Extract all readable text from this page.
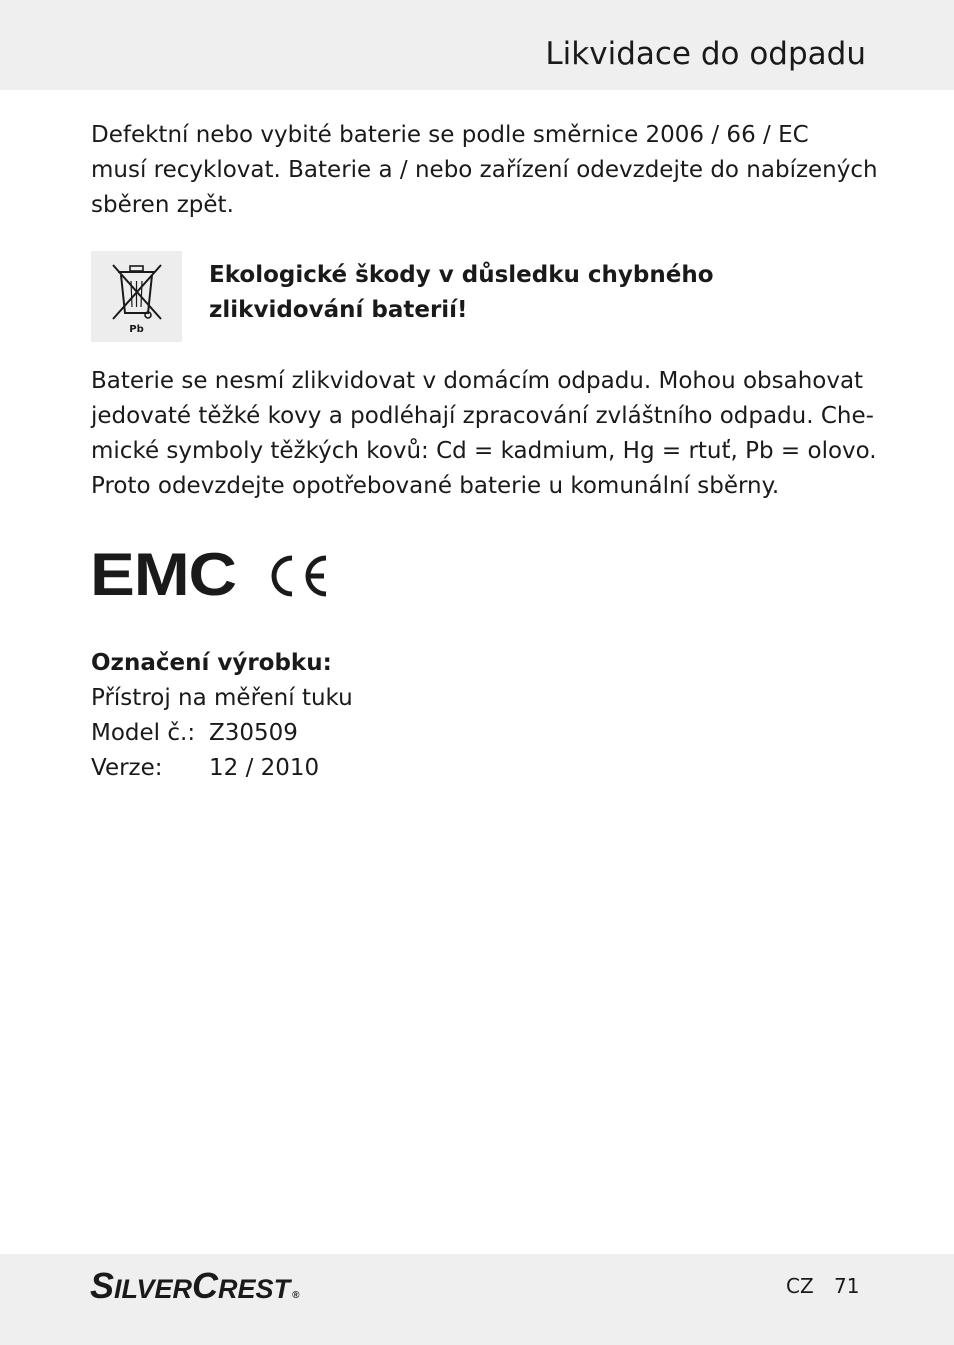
Likvidace do odpadu

Defektní nebo vybité baterie se podle směrnice 2006 / 66 / EC

musí recyklovat. Baterie a / nebo zařízení odevzdejte do nabízených

sběren zpět.

Pb

Ekologické škody v důsledku chybného

zlikvidování baterií!

Baterie se nesmí zlikvidovat v domácím odpadu. Mohou obsahovat

jedovaté těžké kovy a podléhají zpracování zvláštního odpadu. Che-

mické symboly těžkých kovů: Cd = kadmium, Hg = rtuť, Pb = olovo.

Proto odevzdejte opotřebované baterie u komunální sběrny.

EMC
Označení výrobku:
Přístroj na měření tuku
Model č.: Z30509
Verze: 12 / 2010
SILVERCREST ®	CZ 71
